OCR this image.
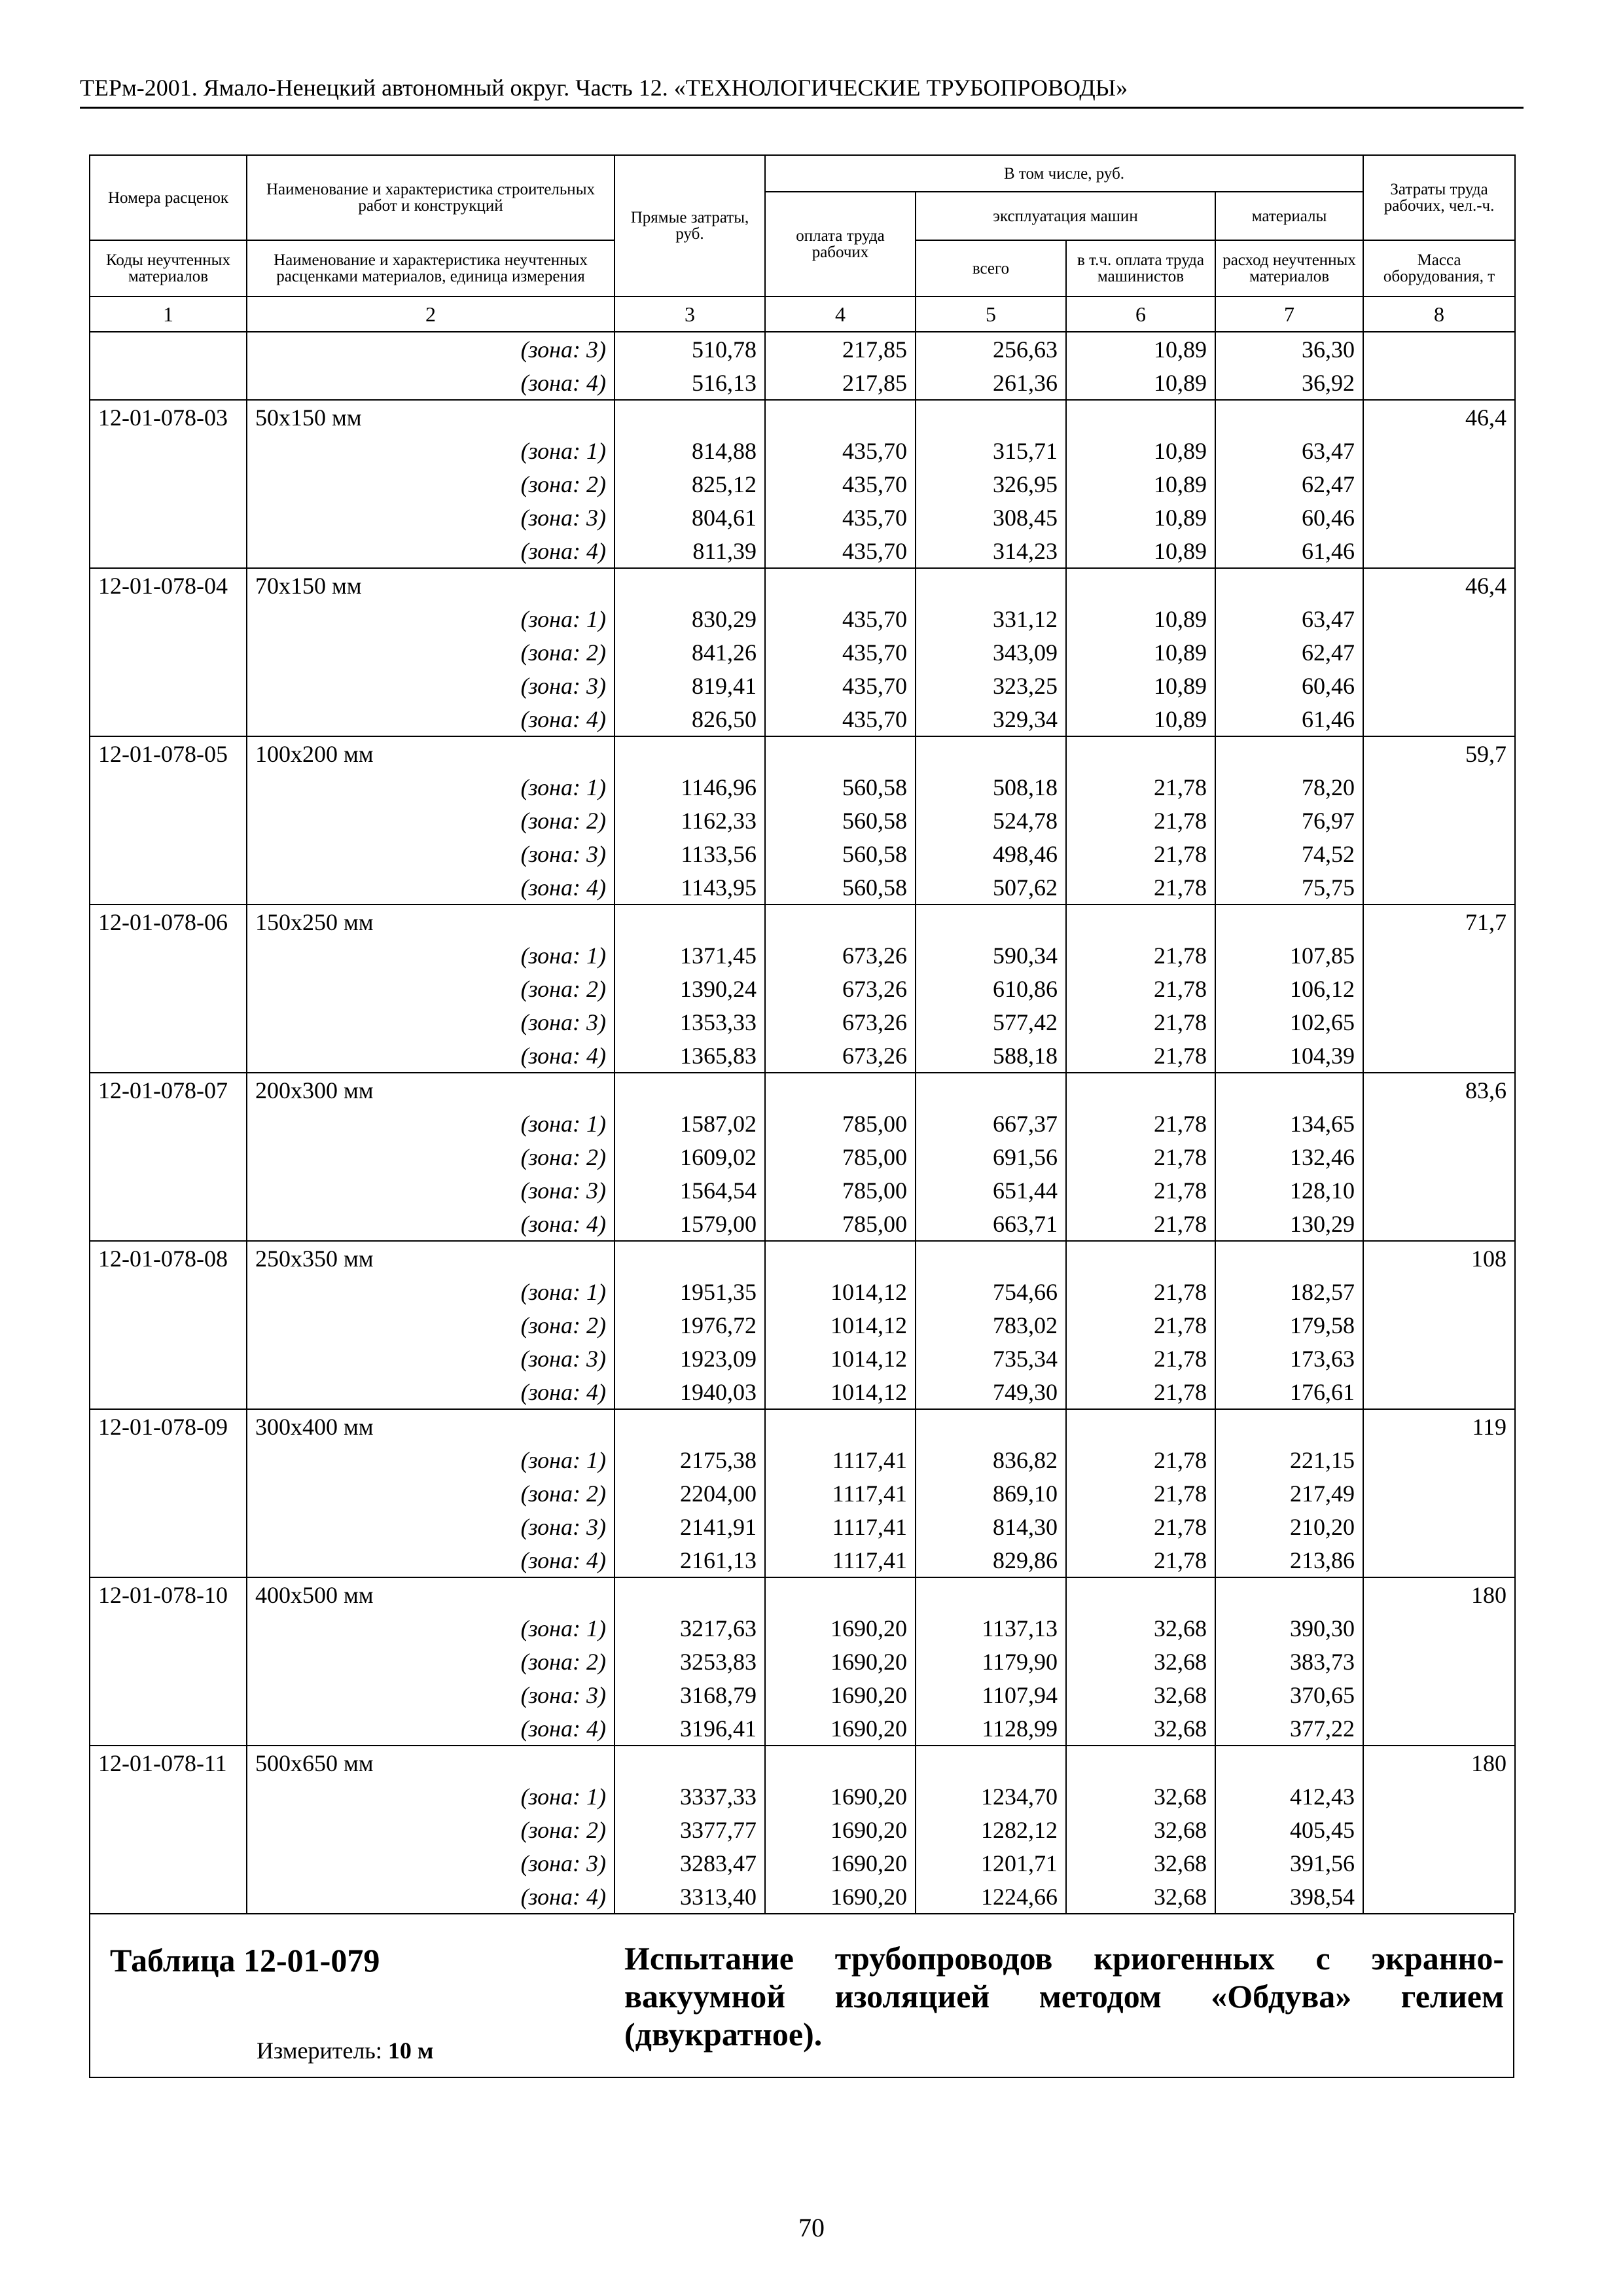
ТЕРм-2001. Ямало-Ненецкий автономный округ. Часть 12. «ТЕХНОЛОГИЧЕСКИЕ ТРУБОПРОВОДЫ»
Номера расценок	Наименование и характеристика строительных работ и конструкций	Прямые затраты, руб.	В том числе, руб.				Затраты труда рабочих, чел.-ч.
			оплата труда рабочих	эксплуатация машин		материалы	
Коды неучтенных материалов	Наименование и характеристика неучтенных расценками материалов, единица измерения			всего	в т.ч. оплата труда машинистов	расход неучтенных материалов	Масса оборудования, т

1	2	3	4	5	6	7	8
	(зона: 3)	510,78	217,85	256,63	10,89	36,30	
	(зона: 4)	516,13	217,85	261,36	10,89	36,92	
12-01-078-03	50x150 мм						46,4
	(зона: 1)	814,88	435,70	315,71	10,89	63,47	
	(зона: 2)	825,12	435,70	326,95	10,89	62,47	
	(зона: 3)	804,61	435,70	308,45	10,89	60,46	
	(зона: 4)	811,39	435,70	314,23	10,89	61,46	
12-01-078-04	70x150 мм						46,4
	(зона: 1)	830,29	435,70	331,12	10,89	63,47	
	(зона: 2)	841,26	435,70	343,09	10,89	62,47	
	(зона: 3)	819,41	435,70	323,25	10,89	60,46	
	(зона: 4)	826,50	435,70	329,34	10,89	61,46	
12-01-078-05	100x200 мм						59,7
	(зона: 1)	1146,96	560,58	508,18	21,78	78,20	
	(зона: 2)	1162,33	560,58	524,78	21,78	76,97	
	(зона: 3)	1133,56	560,58	498,46	21,78	74,52	
	(зона: 4)	1143,95	560,58	507,62	21,78	75,75	
12-01-078-06	150x250 мм						71,7
	(зона: 1)	1371,45	673,26	590,34	21,78	107,85	
	(зона: 2)	1390,24	673,26	610,86	21,78	106,12	
	(зона: 3)	1353,33	673,26	577,42	21,78	102,65	
	(зона: 4)	1365,83	673,26	588,18	21,78	104,39	
12-01-078-07	200x300 мм						83,6
	(зона: 1)	1587,02	785,00	667,37	21,78	134,65	
	(зона: 2)	1609,02	785,00	691,56	21,78	132,46	
	(зона: 3)	1564,54	785,00	651,44	21,78	128,10	
	(зона: 4)	1579,00	785,00	663,71	21,78	130,29	
12-01-078-08	250x350 мм						108
	(зона: 1)	1951,35	1014,12	754,66	21,78	182,57	
	(зона: 2)	1976,72	1014,12	783,02	21,78	179,58	
	(зона: 3)	1923,09	1014,12	735,34	21,78	173,63	
	(зона: 4)	1940,03	1014,12	749,30	21,78	176,61	
12-01-078-09	300x400 мм						119
	(зона: 1)	2175,38	1117,41	836,82	21,78	221,15	
	(зона: 2)	2204,00	1117,41	869,10	21,78	217,49	
	(зона: 3)	2141,91	1117,41	814,30	21,78	210,20	
	(зона: 4)	2161,13	1117,41	829,86	21,78	213,86	
12-01-078-10	400x500 мм						180
	(зона: 1)	3217,63	1690,20	1137,13	32,68	390,30	
	(зона: 2)	3253,83	1690,20	1179,90	32,68	383,73	
	(зона: 3)	3168,79	1690,20	1107,94	32,68	370,65	
	(зона: 4)	3196,41	1690,20	1128,99	32,68	377,22	
12-01-078-11	500x650 мм						180
	(зона: 1)	3337,33	1690,20	1234,70	32,68	412,43	
	(зона: 2)	3377,77	1690,20	1282,12	32,68	405,45	
	(зона: 3)	3283,47	1690,20	1201,71	32,68	391,56	
	(зона: 4)	3313,40	1690,20	1224,66	32,68	398,54	
Таблица 12-01-079	Испытание трубопроводов криогенных с экранно-вакуумной изоляцией методом «Обдува» гелием (двукратное).
Измеритель: 10 м
70
